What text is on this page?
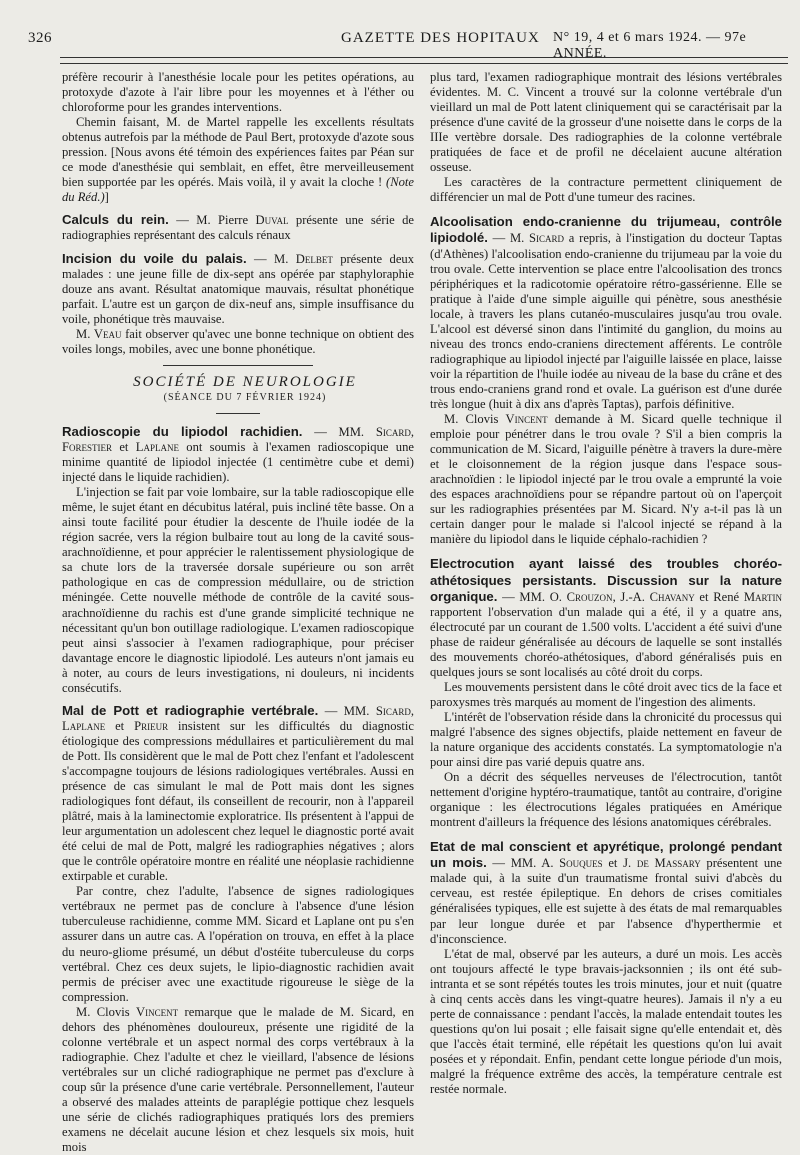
326	GAZETTE DES HOPITAUX N° 19, 4 et 6 mars 1924. — 97e ANNÉE.

préfère recourir à l'anesthésie locale pour les petites opérations, au protoxyde d'azote à l'air libre pour les moyennes et à l'éther ou chloroforme pour les grandes interventions.

Chemin faisant, M. de Martel rappelle les excellents résultats obtenus autrefois par la méthode de Paul Bert, protoxyde d'azote sous pression. [Nous avons été témoin des expériences faites par Péan sur ce mode d'anesthésie qui semblait, en effet, être merveilleusement bien supportée par les opérés. Mais voilà, il y avait la cloche ! (Note du Réd.)]

Calculs du rein. — M. Pierre Duval présente une série de radiographies représentant des calculs rénaux

Incision du voile du palais. — M. Delbet présente deux malades : une jeune fille de dix-sept ans opérée par staphyloraphie douze ans avant. Résultat anatomique mauvais, résultat phonétique parfait. L'autre est un garçon de dix-neuf ans, simple insuffisance du voile, phonétique très mauvaise.

M. Veau fait observer qu'avec une bonne technique on obtient des voiles longs, mobiles, avec une bonne phonétique.

SOCIÉTÉ DE NEUROLOGIE

(SÉANCE DU 7 FÉVRIER 1924)

Radioscopie du lipiodol rachidien. — MM. Sicard, Forestier et Laplane ont soumis à l'examen radioscopique une minime quantité de lipiodol injectée (1 centimètre cube et demi) injecté dans le liquide rachidien).

L'injection se fait par voie lombaire, sur la table radioscopique elle même, le sujet étant en décubitus latéral, puis incliné tête basse. On a ainsi toute facilité pour étudier la descente de l'huile iodée de la région sacrée, vers la région bulbaire tout au long de la cavité sous-arachnoïdienne, et pour apprécier le ralentissement physiologique de sa chute lors de la traversée dorsale supérieure ou son arrêt pathologique en cas de compression médullaire, ou de striction méningée. Cette nouvelle méthode de contrôle de la cavité sous-arachnoïdienne du rachis est d'une grande simplicité technique ne nécessitant qu'un bon outillage radiologique. L'examen radioscopique peut ainsi s'associer à l'examen radiographique, pour préciser davantage encore le diagnostic lipiodolé. Les auteurs n'ont jamais eu à noter, au cours de leurs investigations, ni douleurs, ni incidents consécutifs.

Mal de Pott et radiographie vertébrale. — MM. Sicard, Laplane et Prieur insistent sur les difficultés du diagnostic étiologique des compressions médullaires et particulièrement du mal de Pott. Ils considèrent que le mal de Pott chez l'enfant et l'adolescent s'accompagne toujours de lésions radiologiques vertébrales. Aussi en présence de cas simulant le mal de Pott mais dont les signes radiologiques font défaut, ils conseillent de recourir, non à l'appareil plâtré, mais à la laminectomie exploratrice. Ils présentent à l'appui de leur argumentation un adolescent chez lequel le diagnostic porté avait été celui de mal de Pott, malgré les radiographies négatives ; alors que le contrôle opératoire montre en réalité une néoplasie rachidienne extirpable et curable.

Par contre, chez l'adulte, l'absence de signes radiologiques vertébraux ne permet pas de conclure à l'absence d'une lésion tuberculeuse rachidienne, comme MM. Sicard et Laplane ont pu s'en assurer dans un autre cas. A l'opération on trouva, en effet à la place du neuro-gliome présumé, un début d'ostéite tuberculeuse du corps vertébral. Chez ces deux sujets, le lipio-diagnostic rachidien avait permis de préciser avec une exactitude rigoureuse le siège de la compression.

M. Clovis Vincent remarque que le malade de M. Sicard, en dehors des phénomènes douloureux, présente une rigidité de la colonne vertébrale et un aspect normal des corps vertébraux à la radiographie. Chez l'adulte et chez le vieillard, l'absence de lésions vertébrales sur un cliché radiographique ne permet pas d'exclure à coup sûr la présence d'une carie vertébrale. Personnellement, l'auteur a observé des malades atteints de paraplégie pottique chez lesquels une série de clichés radiographiques pratiqués lors des premiers examens ne décelait aucune lésion et chez lesquels six mois, huit mois

plus tard, l'examen radiographique montrait des lésions vertébrales évidentes. M. C. Vincent a trouvé sur la colonne vertébrale d'un vieillard un mal de Pott latent cliniquement qui se caractérisait par la présence d'une cavité de la grosseur d'une noisette dans le corps de la IIIe vertèbre dorsale. Des radiographies de la colonne vertébrale pratiquées de face et de profil ne décelaient aucune altération osseuse.

Les caractères de la contracture permettent cliniquement de différencier un mal de Pott d'une tumeur des racines.

Alcoolisation endo-cranienne du trijumeau, contrôle lipiodolé. — M. Sicard a repris, à l'instigation du docteur Taptas (d'Athènes) l'alcoolisation endo-cranienne du trijumeau par la voie du trou ovale. Cette intervention se place entre l'alcoolisation des troncs périphériques et la radicotomie opératoire rétro-gassérienne. Elle se pratique à l'aide d'une simple aiguille qui pénètre, sous anesthésie locale, à travers les plans cutanéo-musculaires jusqu'au trou ovale. L'alcool est déversé sinon dans l'intimité du ganglion, du moins au niveau des troncs endo-craniens directement afférents. Le contrôle radiographique au lipiodol injecté par l'aiguille laissée en place, laisse voir la répartition de l'huile iodée au niveau de la base du crâne et des trous endo-craniens grand rond et ovale. La guérison est d'une durée très longue (huit à dix ans d'après Taptas), parfois définitive.

M. Clovis Vincent demande à M. Sicard quelle technique il emploie pour pénétrer dans le trou ovale ? S'il a bien compris la communication de M. Sicard, l'aiguille pénètre à travers la dure-mère et le cloisonnement de la région jusque dans l'espace sous-arachnoïdien : le lipiodol injecté par le trou ovale a emprunté la voie des espaces arachnoïdiens pour se répandre partout où on l'aperçoit sur les radiographies présentées par M. Sicard. N'y a-t-il pas là un certain danger pour le malade si l'alcool injecté se répand à la manière du lipiodol dans le liquide céphalo-rachidien ?

Electrocution ayant laissé des troubles choréo-athétosiques persistants. Discussion sur la nature organique. — MM. O. Crouzon, J.-A. Chavany et René Martin rapportent l'observation d'un malade qui a été, il y a quatre ans, électrocuté par un courant de 1.500 volts. L'accident a été suivi d'une phase de raideur généralisée au décours de laquelle se sont installés des mouvements choréo-athétosiques, d'abord généralisés puis en quelques jours se sont localisés au côté droit du corps.

Les mouvements persistent dans le côté droit avec tics de la face et paroxysmes très marqués au moment de l'ingestion des aliments.

L'intérêt de l'observation réside dans la chronicité du processus qui malgré l'absence des signes objectifs, plaide nettement en faveur de la nature organique des accidents constatés. La symptomatologie n'a pour ainsi dire pas varié depuis quatre ans.

On a décrit des séquelles nerveuses de l'électrocution, tantôt nettement d'origine hyptéro-traumatique, tantôt au contraire, d'origine organique : les électrocutions légales pratiquées en Amérique montrent d'ailleurs la fréquence des lésions anatomiques cérébrales.

Etat de mal conscient et apyrétique, prolongé pendant un mois. — MM. A. Souques et J. de Massary présentent une malade qui, à la suite d'un traumatisme frontal suivi d'abcès du cerveau, est restée épileptique. En dehors de crises comitiales généralisées typiques, elle est sujette à des états de mal remarquables par leur longue durée et par l'absence d'hyperthermie et d'inconscience.

L'état de mal, observé par les auteurs, a duré un mois. Les accès ont toujours affecté le type bravais-jacksonnien ; ils ont été sub-intranta et se sont répétés toutes les trois minutes, jour et nuit (quatre à cinq cents accès dans les vingt-quatre heures). Jamais il n'y a eu perte de connaissance : pendant l'accès, la malade entendait toutes les questions qu'on lui posait ; elle faisait signe qu'elle entendait et, dès que l'accès était terminé, elle répétait les questions qu'on lui avait posées et y répondait. Enfin, pendant cette longue période d'un mois, malgré la fréquence extrême des accès, la température centrale est restée normale.
